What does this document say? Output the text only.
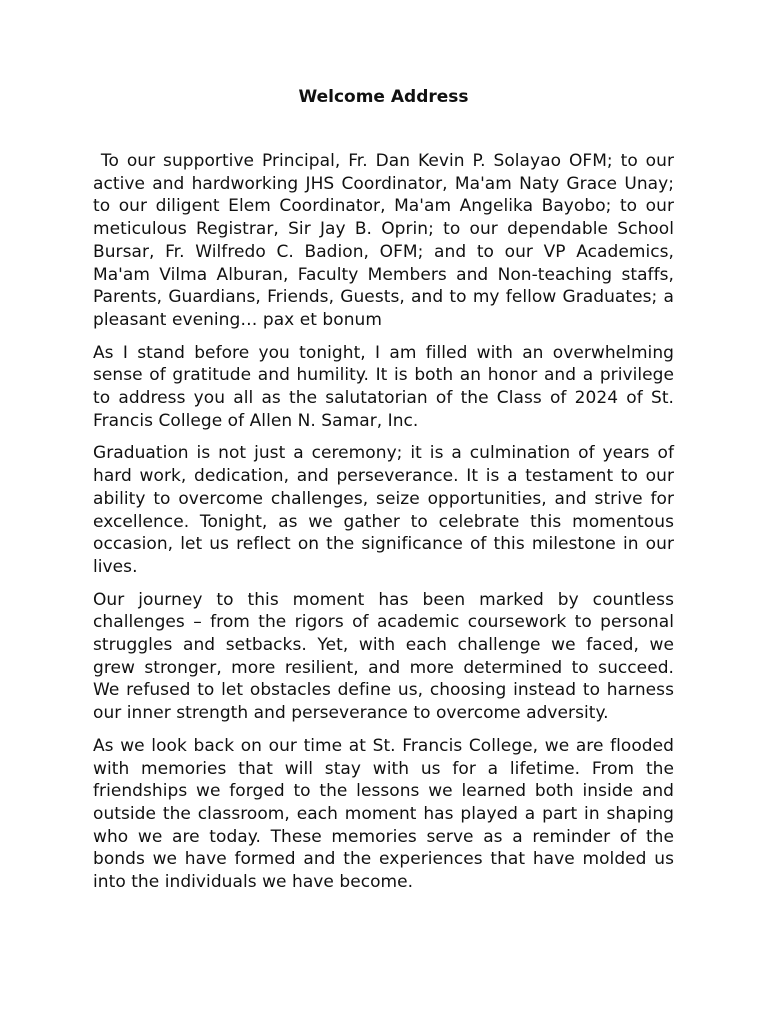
Welcome Address

To our supportive Principal, Fr. Dan Kevin P. Solayao OFM; to our active and hardworking JHS Coordinator, Ma'am Naty Grace Unay; to our diligent Elem Coordinator, Ma'am Angelika Bayobo; to our meticulous Registrar, Sir Jay B. Oprin; to our dependable School Bursar, Fr. Wilfredo C. Badion, OFM; and to our VP Academics, Ma'am Vilma Alburan, Faculty Members and Non-teaching staffs, Parents, Guardians, Friends, Guests, and to my fellow Graduates; a pleasant evening… pax et bonum

As I stand before you tonight, I am filled with an overwhelming sense of gratitude and humility. It is both an honor and a privilege to address you all as the salutatorian of the Class of 2024 of St. Francis College of Allen N. Samar, Inc.

Graduation is not just a ceremony; it is a culmination of years of hard work, dedication, and perseverance. It is a testament to our ability to overcome challenges, seize opportunities, and strive for excellence. Tonight, as we gather to celebrate this momentous occasion, let us reflect on the significance of this milestone in our lives.

Our journey to this moment has been marked by countless challenges – from the rigors of academic coursework to personal struggles and setbacks. Yet, with each challenge we faced, we grew stronger, more resilient, and more determined to succeed. We refused to let obstacles define us, choosing instead to harness our inner strength and perseverance to overcome adversity.

As we look back on our time at St. Francis College, we are flooded with memories that will stay with us for a lifetime. From the friendships we forged to the lessons we learned both inside and outside the classroom, each moment has played a part in shaping who we are today. These memories serve as a reminder of the bonds we have formed and the experiences that have molded us into the individuals we have become.
